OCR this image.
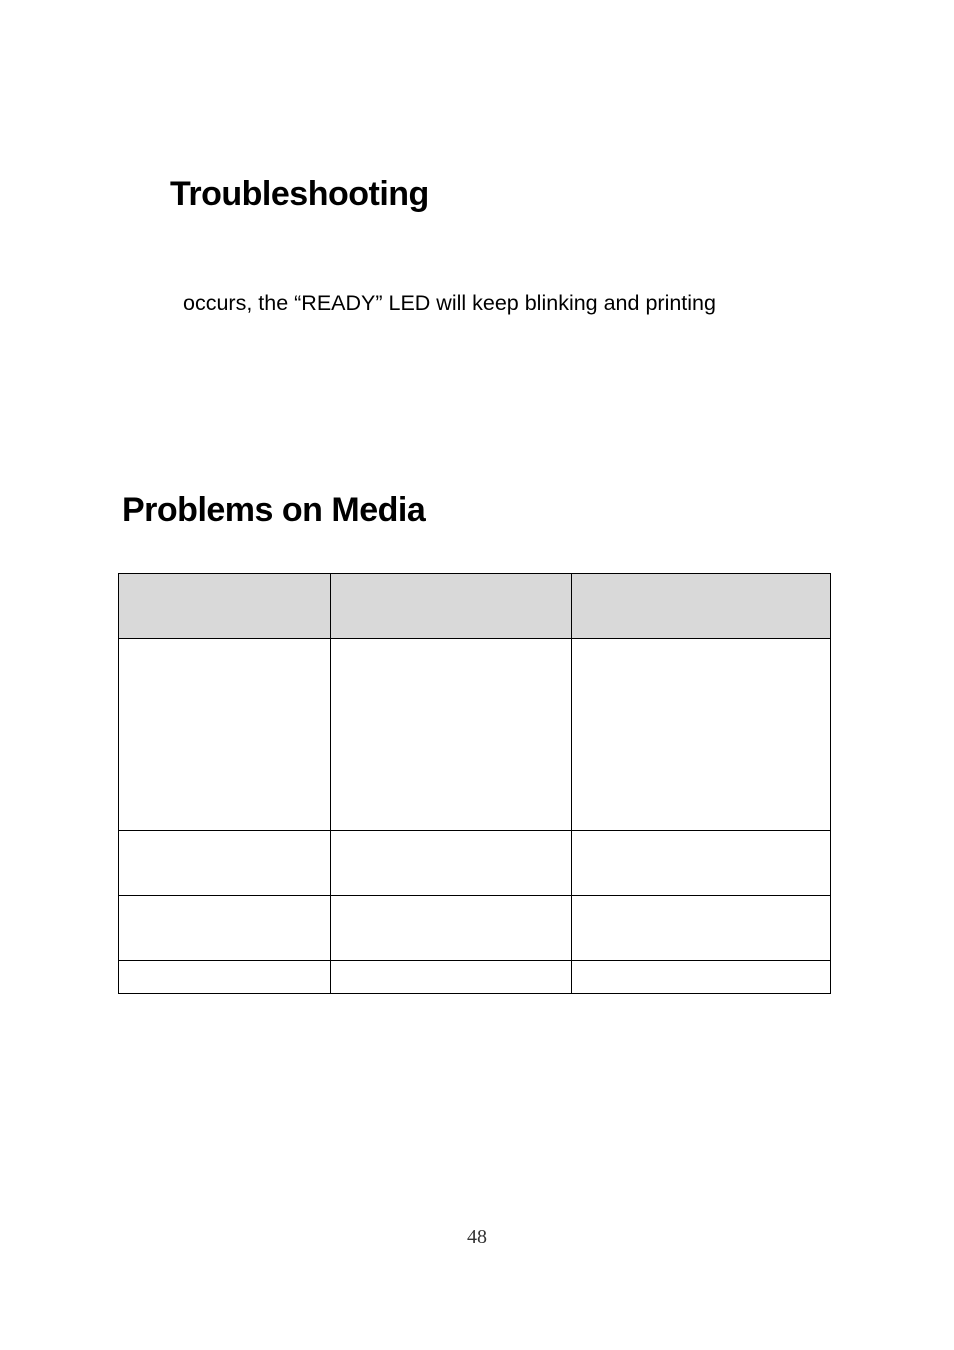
Troubleshooting

occurs, the “READY” LED will keep blinking and printing

Problems on Media

48
